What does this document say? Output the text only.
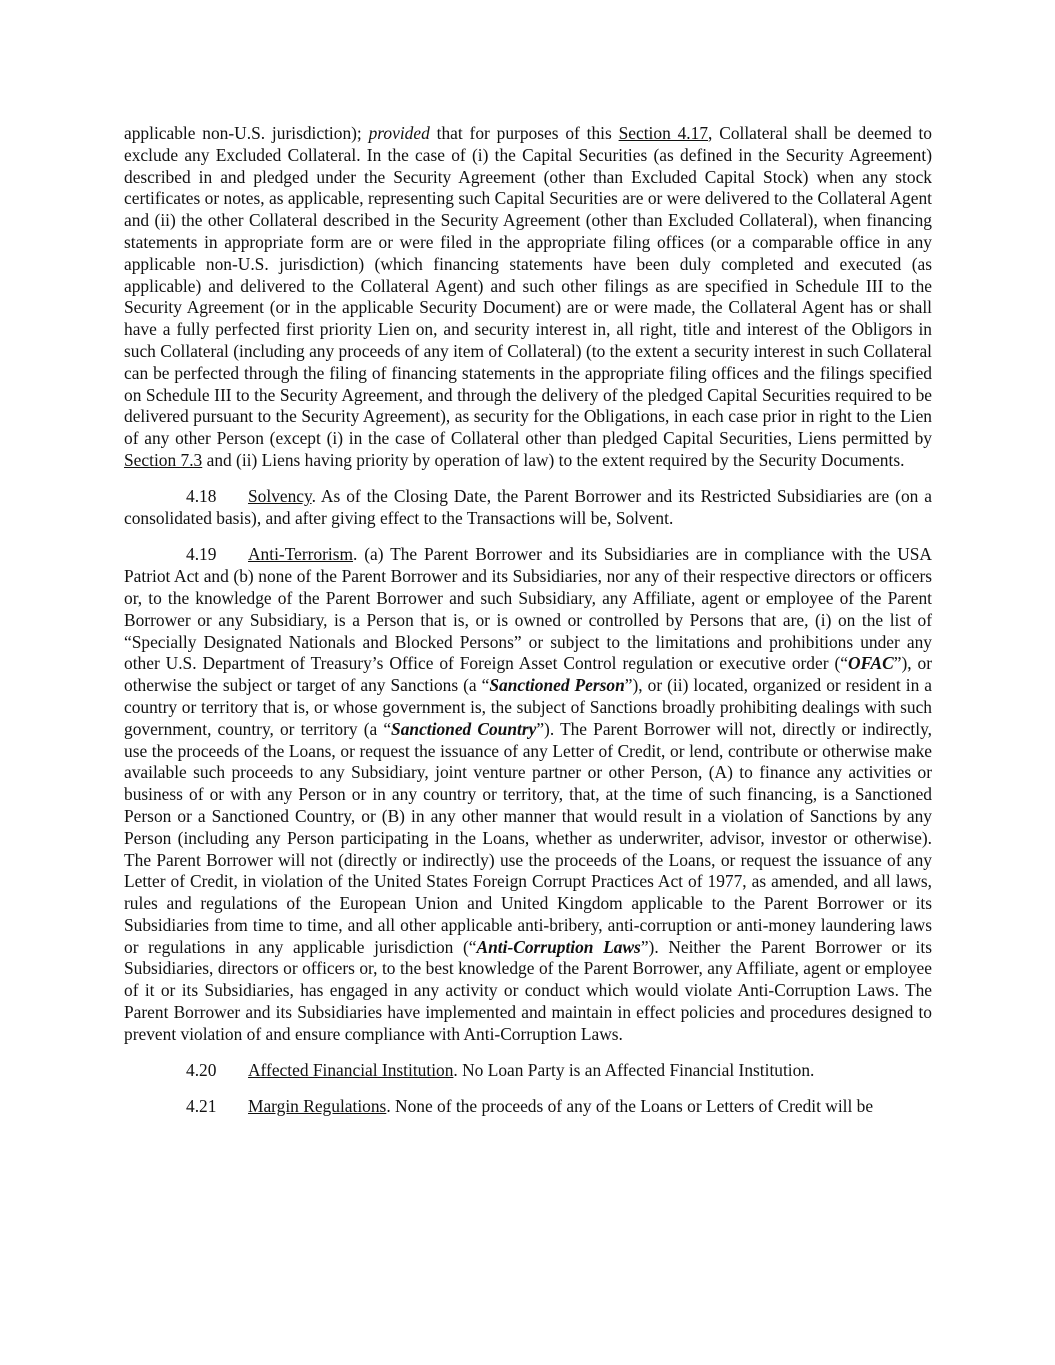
applicable non-U.S. jurisdiction); provided that for purposes of this Section 4.17, Collateral shall be deemed to exclude any Excluded Collateral. In the case of (i) the Capital Securities (as defined in the Security Agreement) described in and pledged under the Security Agreement (other than Excluded Capital Stock) when any stock certificates or notes, as applicable, representing such Capital Securities are or were delivered to the Collateral Agent and (ii) the other Collateral described in the Security Agreement (other than Excluded Collateral), when financing statements in appropriate form are or were filed in the appropriate filing offices (or a comparable office in any applicable non-U.S. jurisdiction) (which financing statements have been duly completed and executed (as applicable) and delivered to the Collateral Agent) and such other filings as are specified in Schedule III to the Security Agreement (or in the applicable Security Document) are or were made, the Collateral Agent has or shall have a fully perfected first priority Lien on, and security interest in, all right, title and interest of the Obligors in such Collateral (including any proceeds of any item of Collateral) (to the extent a security interest in such Collateral can be perfected through the filing of financing statements in the appropriate filing offices and the filings specified on Schedule III to the Security Agreement, and through the delivery of the pledged Capital Securities required to be delivered pursuant to the Security Agreement), as security for the Obligations, in each case prior in right to the Lien of any other Person (except (i) in the case of Collateral other than pledged Capital Securities, Liens permitted by Section 7.3 and (ii) Liens having priority by operation of law) to the extent required by the Security Documents.

4.18 Solvency. As of the Closing Date, the Parent Borrower and its Restricted Subsidiaries are (on a consolidated basis), and after giving effect to the Transactions will be, Solvent.

4.19 Anti-Terrorism. (a) The Parent Borrower and its Subsidiaries are in compliance with the USA Patriot Act and (b) none of the Parent Borrower and its Subsidiaries, nor any of their respective directors or officers or, to the knowledge of the Parent Borrower and such Subsidiary, any Affiliate, agent or employee of the Parent Borrower or any Subsidiary, is a Person that is, or is owned or controlled by Persons that are, (i) on the list of “Specially Designated Nationals and Blocked Persons” or subject to the limitations and prohibitions under any other U.S. Department of Treasury’s Office of Foreign Asset Control regulation or executive order (“OFAC”), or otherwise the subject or target of any Sanctions (a “Sanctioned Person”), or (ii) located, organized or resident in a country or territory that is, or whose government is, the subject of Sanctions broadly prohibiting dealings with such government, country, or territory (a “Sanctioned Country”). The Parent Borrower will not, directly or indirectly, use the proceeds of the Loans, or request the issuance of any Letter of Credit, or lend, contribute or otherwise make available such proceeds to any Subsidiary, joint venture partner or other Person, (A) to finance any activities or business of or with any Person or in any country or territory, that, at the time of such financing, is a Sanctioned Person or a Sanctioned Country, or (B) in any other manner that would result in a violation of Sanctions by any Person (including any Person participating in the Loans, whether as underwriter, advisor, investor or otherwise). The Parent Borrower will not (directly or indirectly) use the proceeds of the Loans, or request the issuance of any Letter of Credit, in violation of the United States Foreign Corrupt Practices Act of 1977, as amended, and all laws, rules and regulations of the European Union and United Kingdom applicable to the Parent Borrower or its Subsidiaries from time to time, and all other applicable anti-bribery, anti-corruption or anti-money laundering laws or regulations in any applicable jurisdiction (“Anti-Corruption Laws”). Neither the Parent Borrower or its Subsidiaries, directors or officers or, to the best knowledge of the Parent Borrower, any Affiliate, agent or employee of it or its Subsidiaries, has engaged in any activity or conduct which would violate Anti-Corruption Laws. The Parent Borrower and its Subsidiaries have implemented and maintain in effect policies and procedures designed to prevent violation of and ensure compliance with Anti-Corruption Laws.

4.20 Affected Financial Institution. No Loan Party is an Affected Financial Institution.

4.21 Margin Regulations. None of the proceeds of any of the Loans or Letters of Credit will be
